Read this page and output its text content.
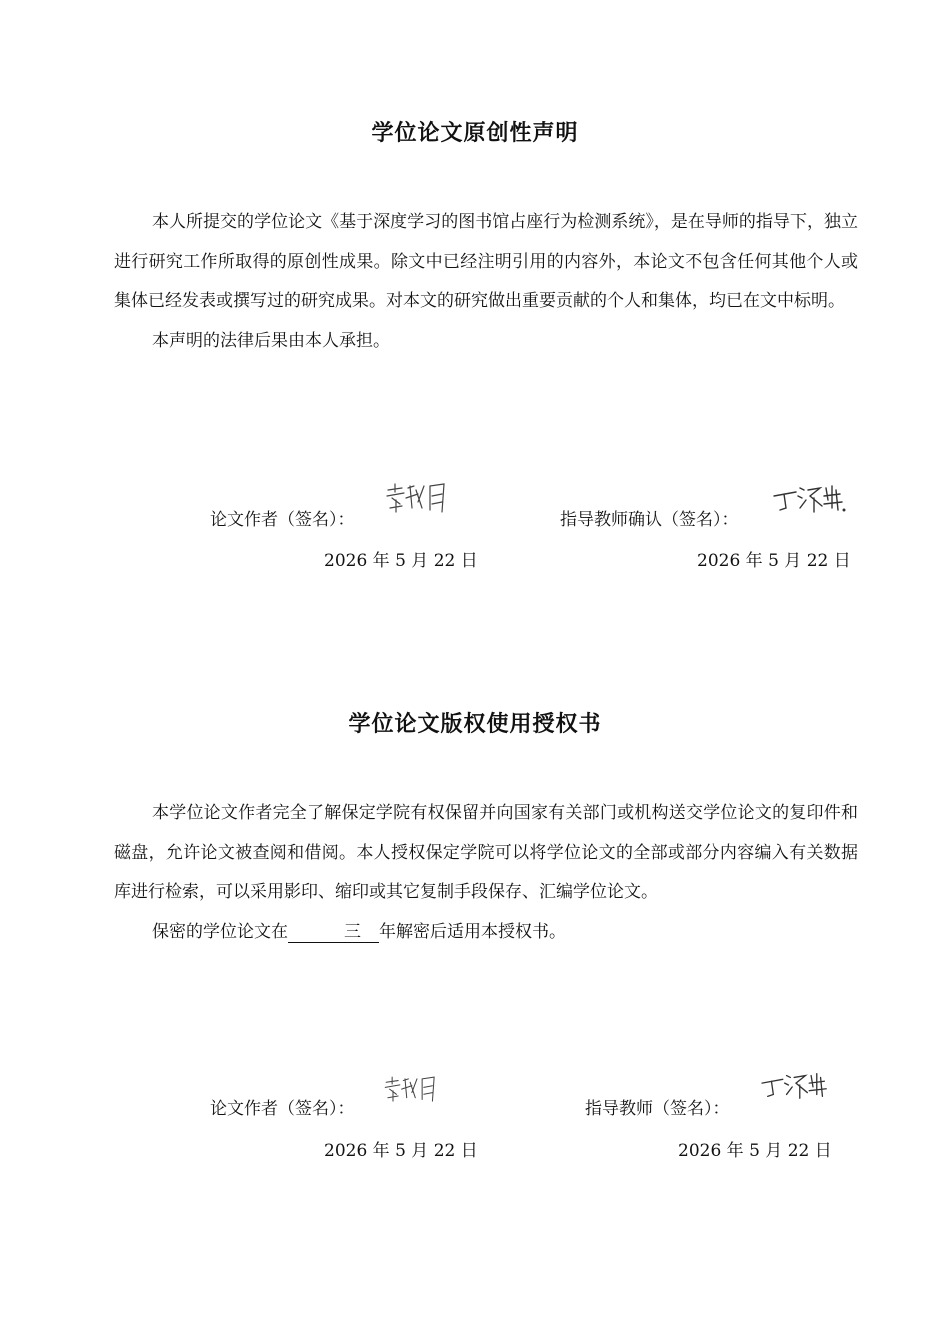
学位论文原创性声明

本人所提交的学位论文《基于深度学习的图书馆占座行为检测系统》，是在导师的指导下，独立进行研究工作所取得的原创性成果。除文中已经注明引用的内容外，本论文不包含任何其他个人或集体已经发表或撰写过的研究成果。对本文的研究做出重要贡献的个人和集体，均已在文中标明。

本声明的法律后果由本人承担。

论文作者（签名）：	指导教师确认（签名）：
2026 年 5 月 22 日	2026 年 5 月 22 日
学位论文版权使用授权书

本学位论文作者完全了解保定学院有权保留并向国家有关部门或机构送交学位论文的复印件和磁盘，允许论文被查阅和借阅。本人授权保定学院可以将学位论文的全部或部分内容编入有关数据库进行检索，可以采用影印、缩印或其它复制手段保存、汇编学位论文。

保密的学位论文在	三 年解密后适用本授权书。

论文作者（签名）：	指导教师（签名）：
2026 年 5 月 22 日	2026 年 5 月 22 日
